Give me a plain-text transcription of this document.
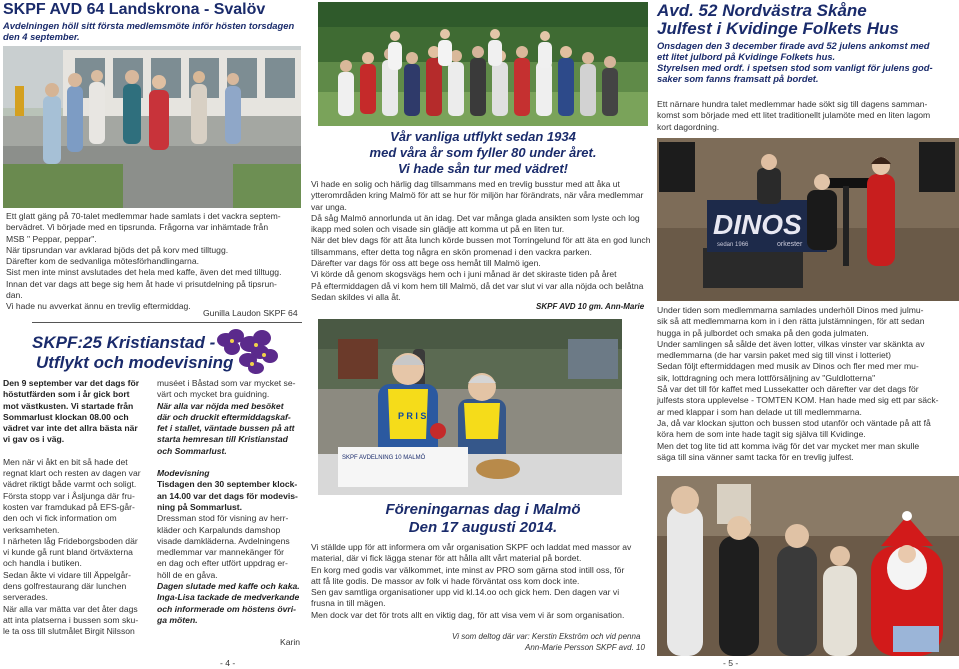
SKPF AVD 64 Landskrona - Svalöv
Avdelningen höll sitt första medlemsmöte inför hösten torsdagen den 4 september.
Ett glatt gäng på 70-talet medlemmar hade samlats i det vackra septem-
bervädret. Vi började med en tipsrunda. Frågorna var inhämtade från
MSB " Peppar, peppar".
När tipsrundan var avklarad bjöds det på korv med tilltugg.
Därefter kom de sedvanliga mötesförhandlingarna.
Sist men inte minst avslutades det hela med kaffe, även det med tilltugg.
Innan det var dags att bege sig hem åt hade vi prisutdelning på tipsrun-
dan.
Vi hade nu avverkat ännu en trevlig eftermiddag.
Gunilla Laudon SKPF 64
SKPF:25 Kristianstad -
Utflykt och modevisning
Den 9 september var det dags för
höstutfärden som i år gick bort
mot västkusten. Vi startade från
Sommarlust klockan 08.00 och
vädret var inte det allra bästa när
vi gav os i väg.
Men när vi åkt en bit så hade det
regnat klart och resten av dagen var
vädret riktigt både varmt och soligt.
Första stopp var i Åsljunga där fru-
kosten var framdukad på EFS-går-
den och vi fick information om
verksamheten.
I närheten låg Frideborgsboden där
vi kunde gå runt bland örtväxterna
och handla i butiken.
Sedan åkte vi vidare till Äppelgår-
dens golfrestaurang där lunchen
serverades.
När alla var mätta var det åter dags
att inta platserna i bussen som sku-
le ta oss till slutmålet Birgit Nilsson
muséet i Båstad som var mycket se-
värt och mycket bra guidning.
När alla var nöjda med besöket
där och druckit eftermiddagskaf-
fet i stallet, väntade bussen på att
starta hemresan till Kristianstad
och Sommarlust.
Modevisning
Tisdagen den 30 september klock-
an 14.00 var det dags för modevis-
ning på Sommarlust.
Dressman stod för visning av herr-
kläder och Karpalunds damshop
visade damkläderna. Avdelningens
medlemmar var mannekänger för
en dag och efter utfört uppdrag er-
höll de en gåva.
Dagen slutade med kaffe och kaka.
Inga-Lisa tackade de medverkande
och informerade om höstens övri-
ga möten.
Karin
- 4 -
Vår vanliga utflykt sedan 1934
med våra år som fyller 80 under året.
Vi hade sån tur med vädret!
Vi hade en solig och härlig dag tillsammans med en trevlig busstur med att åka ut
ytteromrdåden kring Malmö för att se hur för miljön har förändrats, när våra medlemmar
var unga.
Då såg Malmö annorlunda ut än idag. Det var många glada ansikten som lyste och log
ikapp med solen och visade sin glädje att komma ut på en liten tur.
När det blev dags för att åta lunch körde bussen mot Torringelund för att äta en god lunch
tillsammans, efter detta tog några en skön promenad i den vackra parken.
Därefter var dags för oss att bege oss hemåt till Malmö igen.
Vi körde då genom skogsvägs hem och i juni månad är det skiraste tiden på året
På eftermiddagen då vi kom hem till Malmö, då det var slut vi var alla nöjda och belåtna
Sedan skildes vi alla åt.
SKPF AVD 10 gm. Ann-Marie
P R I S
SKPF AVDELNING 10 MALMÖ
Föreningarnas dag i Malmö
Den 17 augusti 2014.
Vi ställde upp för att informera om vår organisation SKPF och laddat med massor av
material, där vi fick lägga stenar för att hålla allt vårt material på bordet.
En korg med godis var välkommet, inte minst av PRO som gärna stod intill oss, för
att få lite godis. De massor av folk vi hade förväntat oss kom dock inte.
Sen gav samtliga organisationer upp vid kl.14.oo och gick hem. Den dagen var vi
frusna in till mägen.
Men dock var det för trots allt en viktig dag, för att visa vem vi är som organisation.
Vi som deltog där var: Kerstin Ekström och vid penna
Ann-Marie Persson SKPF avd. 10
Avd. 52 Nordvästra Skåne
Julfest i Kvidinge Folkets Hus
Onsdagen den 3 december firade avd 52 julens ankomst med
ett litet julbord på Kvidinge Folkets hus.
Styrelsen med ordf. i spetsen stod som vanligt för julens god-
saker som fanns framsatt på bordet.
Ett närnare hundra talet medlemmar hade sökt sig till dagens samman-
komst som började med ett litet traditionellt julamöte med en liten lagom
kort dagordning.
DINOS
orkester
sedan 1966
Under tiden som medlemmarna samlades underhöll Dinos med julmu-
sik så att medlemmarna kom in i den rätta julstämningen, för att sedan
hugga in på julbordet och smaka på den goda julmaten.
Under samlingen så sålde det även lotter, vilkas vinster var skänkta av
medlemmarna (de har varsin paket med sig till vinst i lotteriet)
Sedan följt eftermiddagen med musik av Dinos och fler med mer mu-
sik, lottdragning och mera lottförsäljning av "Guldlotterna"
Så var det till för kaffet med Lussekatter och därefter var det dags för
julfests stora upplevelse - TOMTEN KOM. Han hade med sig ett par säck-
ar med klappar i som han delade ut till medlemmarna.
Ja, då var klockan sjutton och bussen stod utanför och väntade på att få
köra hem de som inte hade tagit sig själva till Kvidinge.
Men det tog lite tid att komma iväg för det var mycket mer man skulle
säga till sina vänner samt tacka för en trevlig julfest.
- 5 -
